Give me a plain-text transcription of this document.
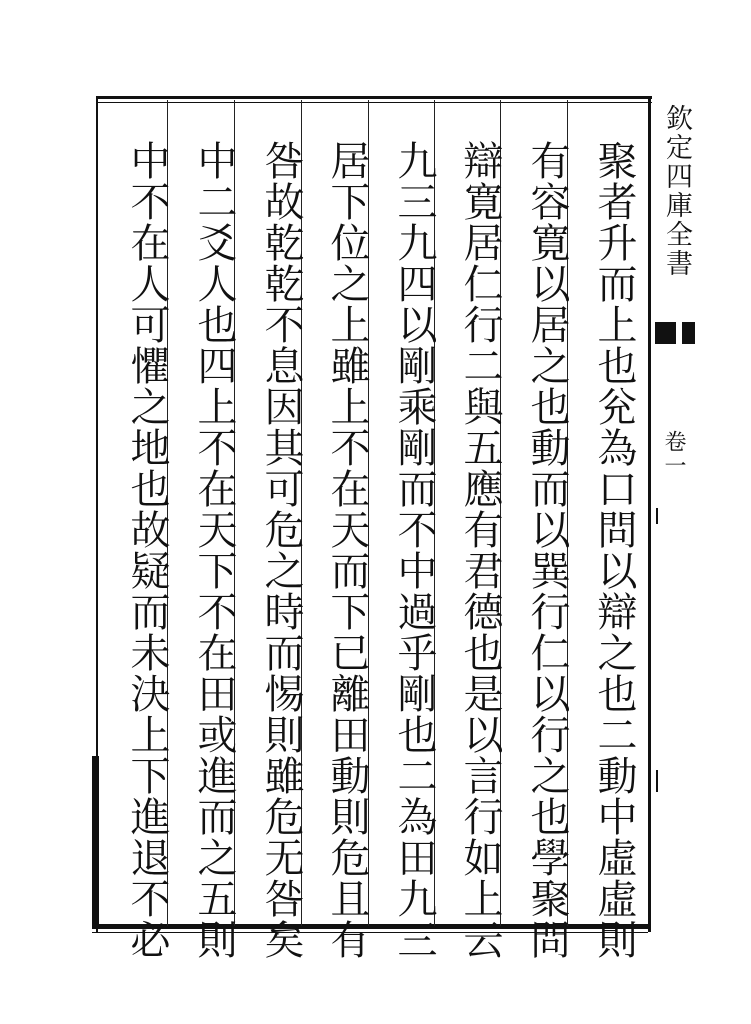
聚者升而上也兊為口問以辯之也二動中虛虛則
有容寛以居之也動而以巽行仁以行之也學聚問
辯寛居仁行二與五應有君德也是以言行如上云
九三九四以剛乘剛而不中過乎剛也二為田九三
居下位之上雖上不在天而下已離田動則危且有
咎故乾乾不息因其可危之時而惕則雖危无咎矣
中二爻人也四上不在天下不在田或進而之五則
中不在人可懼之地也故疑而未決上下進退不必	欽定四庫全書
卷一
